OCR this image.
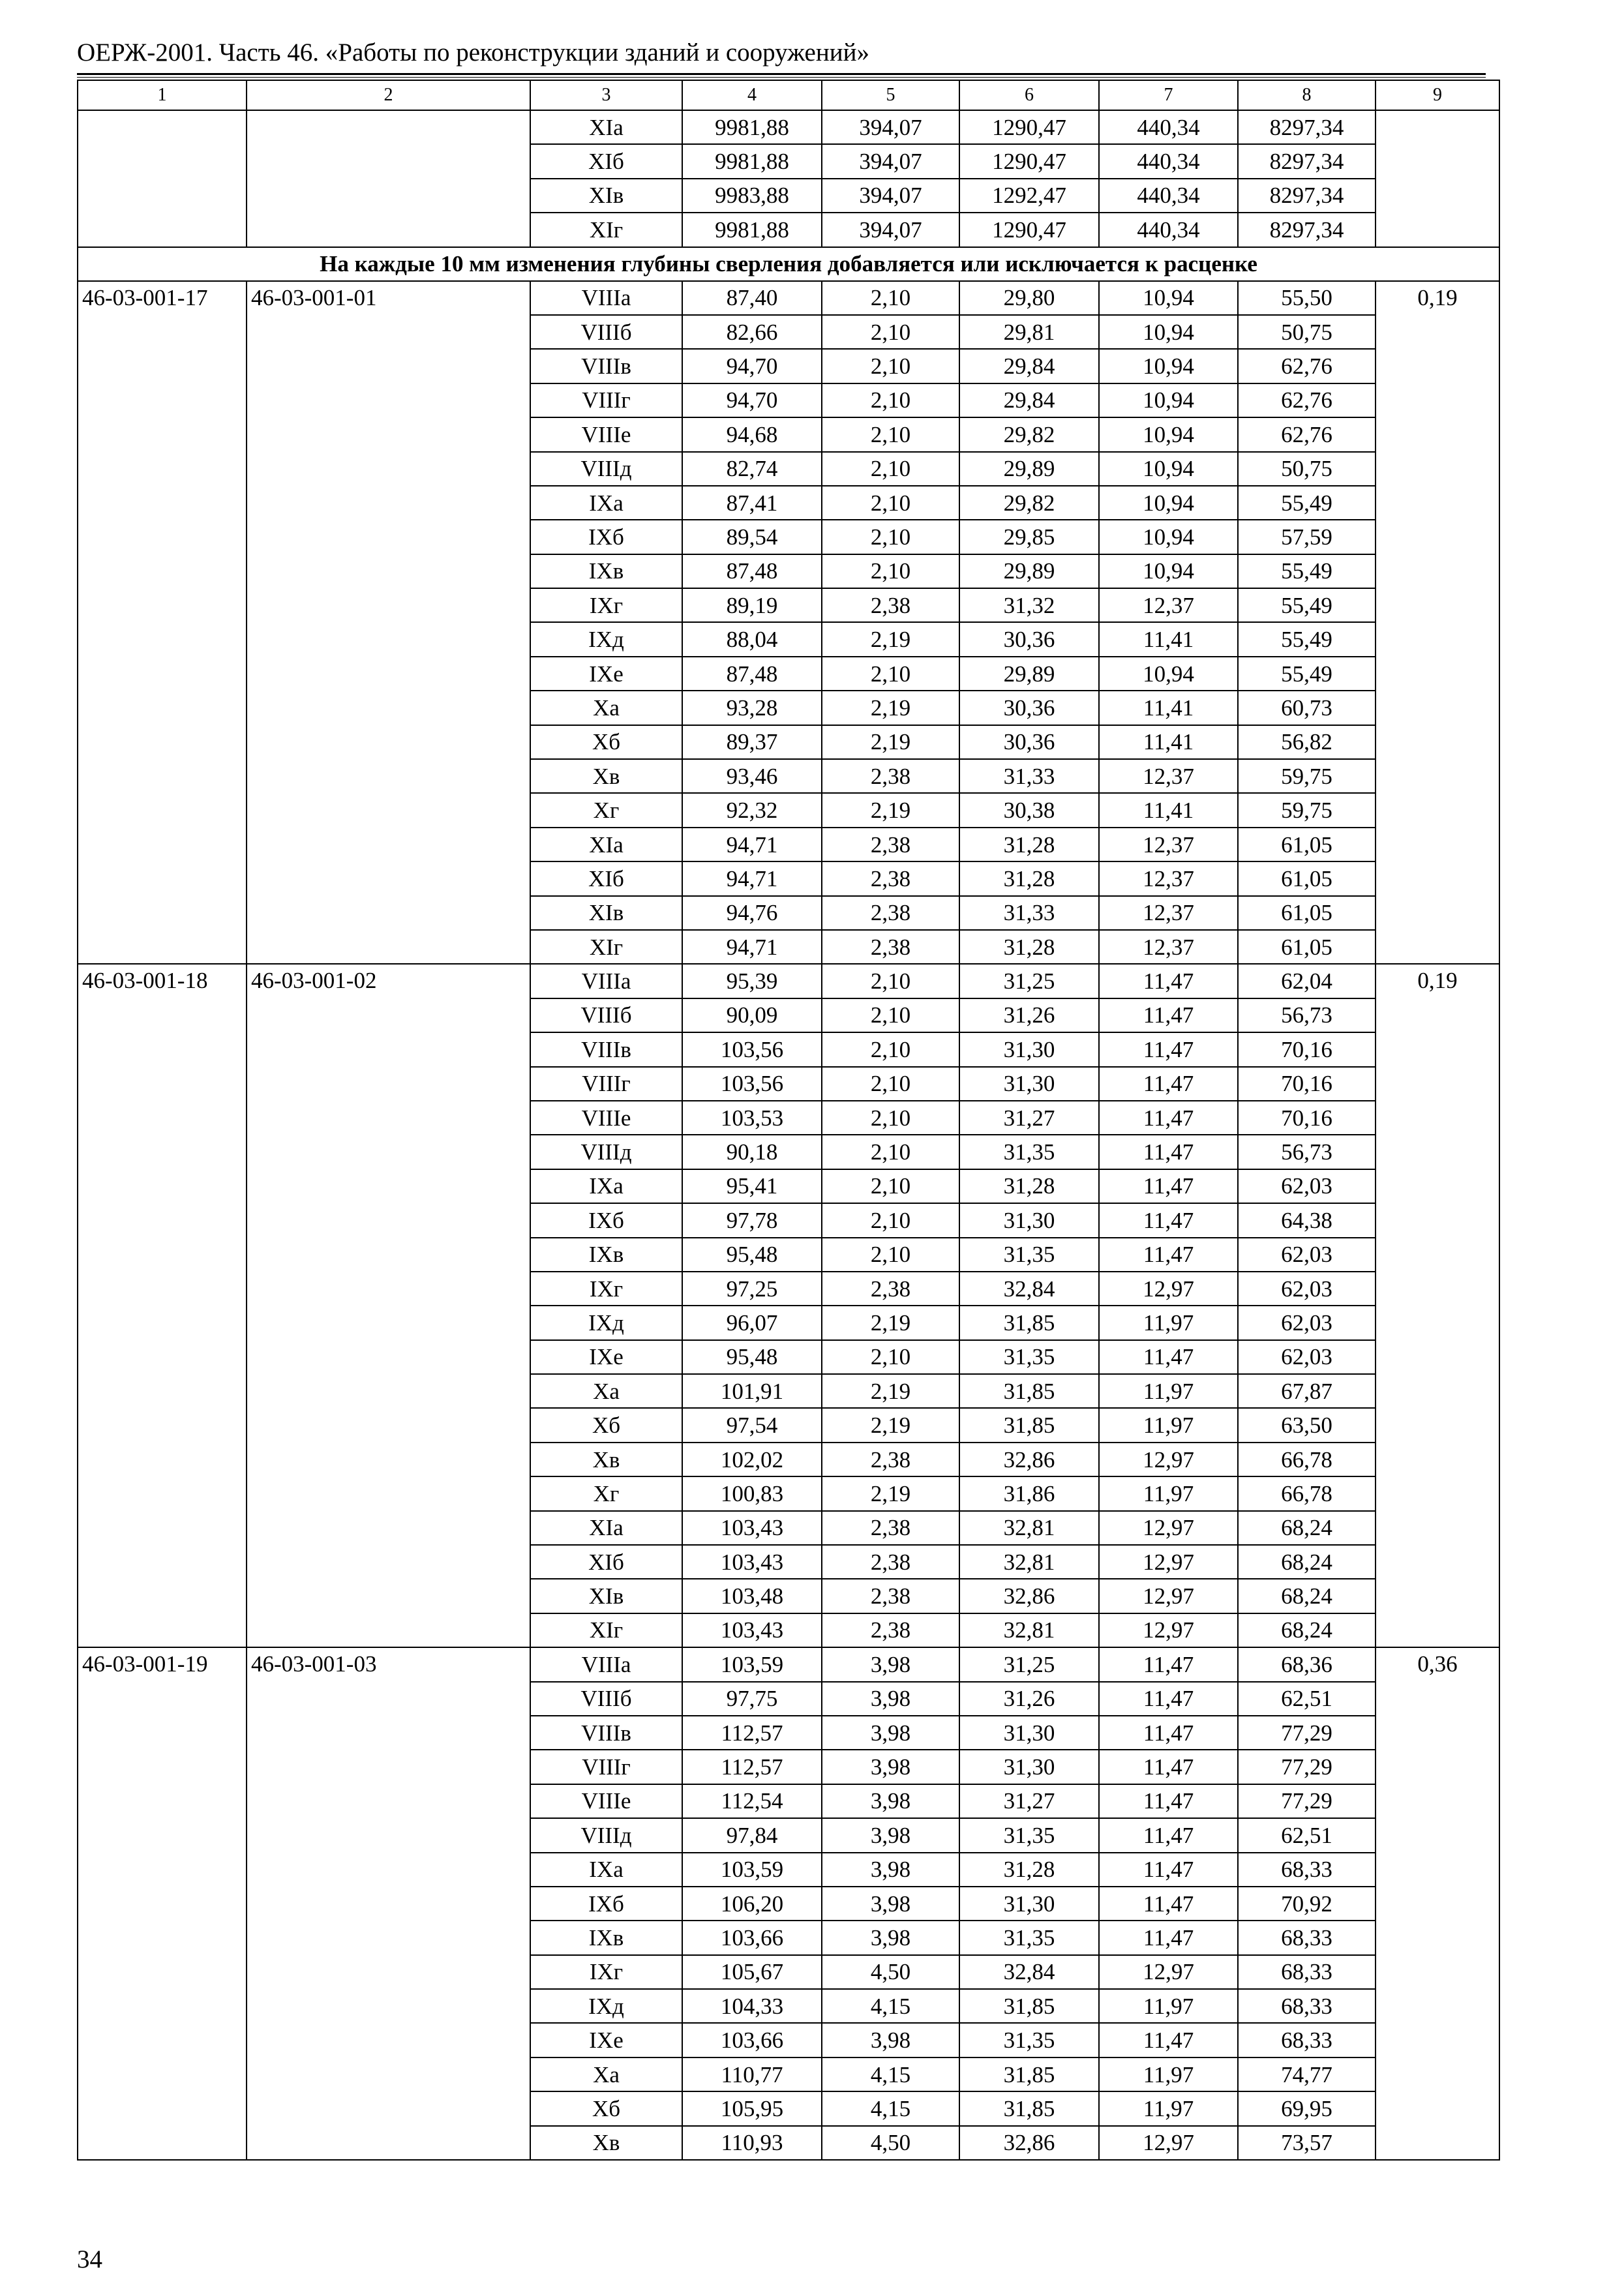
ОЕРЖ-2001. Часть 46. «Работы по реконструкции зданий и сооружений»
1	2	3	4	5	6	7	8	9
		XIа	9981,88	394,07	1290,47	440,34	8297,34	
		XIб	9981,88	394,07	1290,47	440,34	8297,34	
		XIв	9983,88	394,07	1292,47	440,34	8297,34	
		XIг	9981,88	394,07	1290,47	440,34	8297,34	
На каждые 10 мм изменения глубины сверления добавляется или исключается к расценке								
46-03-001-17	46-03-001-01	VIIIа	87,40	2,10	29,80	10,94	55,50	0,19
		VIIIб	82,66	2,10	29,81	10,94	50,75	
		VIIIв	94,70	2,10	29,84	10,94	62,76	
		VIIIг	94,70	2,10	29,84	10,94	62,76	
		VIIIе	94,68	2,10	29,82	10,94	62,76	
		VIIIд	82,74	2,10	29,89	10,94	50,75	
		IXа	87,41	2,10	29,82	10,94	55,49	
		IXб	89,54	2,10	29,85	10,94	57,59	
		IXв	87,48	2,10	29,89	10,94	55,49	
		IXг	89,19	2,38	31,32	12,37	55,49	
		IXд	88,04	2,19	30,36	11,41	55,49	
		IXе	87,48	2,10	29,89	10,94	55,49	
		Xа	93,28	2,19	30,36	11,41	60,73	
		Xб	89,37	2,19	30,36	11,41	56,82	
		Xв	93,46	2,38	31,33	12,37	59,75	
		Xг	92,32	2,19	30,38	11,41	59,75	
		XIа	94,71	2,38	31,28	12,37	61,05	
		XIб	94,71	2,38	31,28	12,37	61,05	
		XIв	94,76	2,38	31,33	12,37	61,05	
		XIг	94,71	2,38	31,28	12,37	61,05	
46-03-001-18	46-03-001-02	VIIIа	95,39	2,10	31,25	11,47	62,04	0,19
		VIIIб	90,09	2,10	31,26	11,47	56,73	
		VIIIв	103,56	2,10	31,30	11,47	70,16	
		VIIIг	103,56	2,10	31,30	11,47	70,16	
		VIIIе	103,53	2,10	31,27	11,47	70,16	
		VIIIд	90,18	2,10	31,35	11,47	56,73	
		IXа	95,41	2,10	31,28	11,47	62,03	
		IXб	97,78	2,10	31,30	11,47	64,38	
		IXв	95,48	2,10	31,35	11,47	62,03	
		IXг	97,25	2,38	32,84	12,97	62,03	
		IXд	96,07	2,19	31,85	11,97	62,03	
		IXе	95,48	2,10	31,35	11,47	62,03	
		Xа	101,91	2,19	31,85	11,97	67,87	
		Xб	97,54	2,19	31,85	11,97	63,50	
		Xв	102,02	2,38	32,86	12,97	66,78	
		Xг	100,83	2,19	31,86	11,97	66,78	
		XIа	103,43	2,38	32,81	12,97	68,24	
		XIб	103,43	2,38	32,81	12,97	68,24	
		XIв	103,48	2,38	32,86	12,97	68,24	
		XIг	103,43	2,38	32,81	12,97	68,24	
46-03-001-19	46-03-001-03	VIIIа	103,59	3,98	31,25	11,47	68,36	0,36
		VIIIб	97,75	3,98	31,26	11,47	62,51	
		VIIIв	112,57	3,98	31,30	11,47	77,29	
		VIIIг	112,57	3,98	31,30	11,47	77,29	
		VIIIе	112,54	3,98	31,27	11,47	77,29	
		VIIIд	97,84	3,98	31,35	11,47	62,51	
		IXа	103,59	3,98	31,28	11,47	68,33	
		IXб	106,20	3,98	31,30	11,47	70,92	
		IXв	103,66	3,98	31,35	11,47	68,33	
		IXг	105,67	4,50	32,84	12,97	68,33	
		IXд	104,33	4,15	31,85	11,97	68,33	
		IXе	103,66	3,98	31,35	11,47	68,33	
		Xа	110,77	4,15	31,85	11,97	74,77	
		Xб	105,95	4,15	31,85	11,97	69,95	
		Xв	110,93	4,50	32,86	12,97	73,57	
34
